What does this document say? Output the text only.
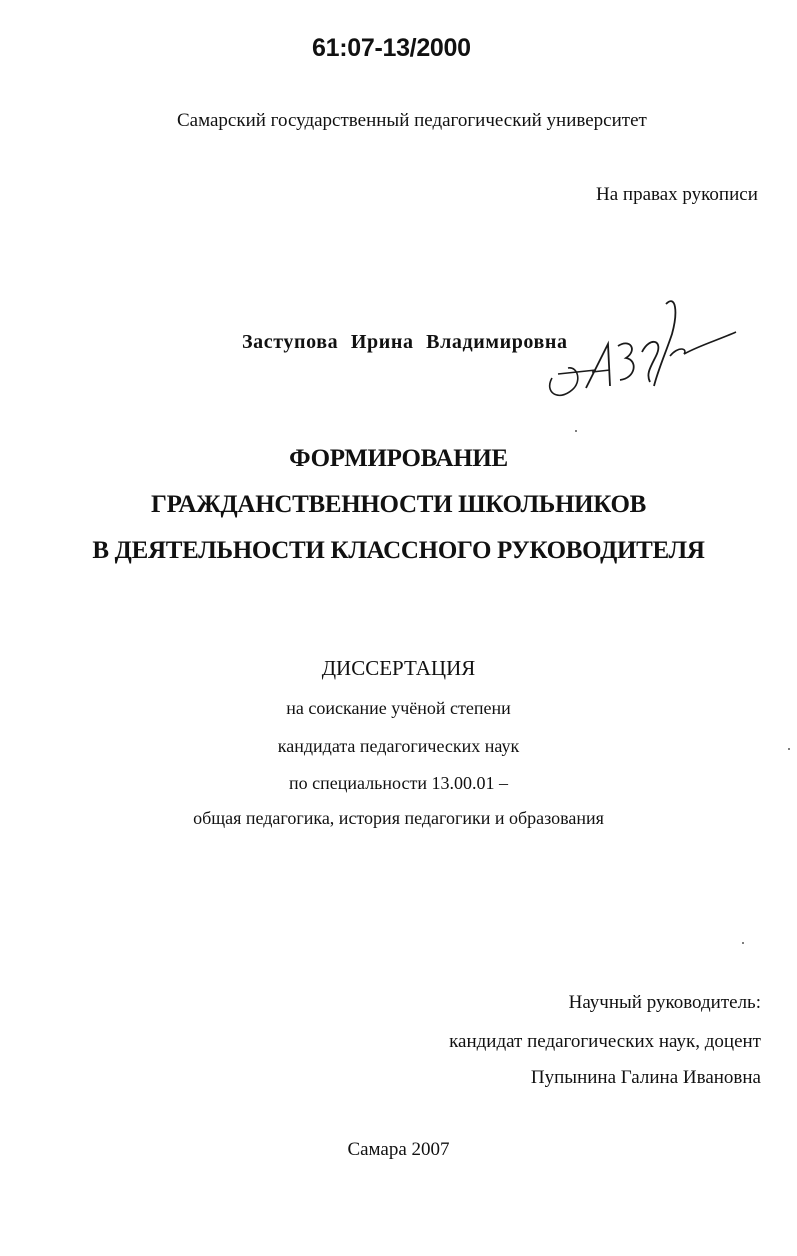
61:07-13/2000
Самарский государственный педагогический университет
На правах рукописи
Заступова Ирина Владимировна
ФОРМИРОВАНИЕ
ГРАЖДАНСТВЕННОСТИ ШКОЛЬНИКОВ
В ДЕЯТЕЛЬНОСТИ КЛАССНОГО РУКОВОДИТЕЛЯ
ДИССЕРТАЦИЯ
на соискание учёной степени
кандидата педагогических наук
по специальности 13.00.01 –
общая педагогика, история педагогики и образования
Научный руководитель:
кандидат педагогических наук, доцент
Пупынина Галина Ивановна
Самара 2007
